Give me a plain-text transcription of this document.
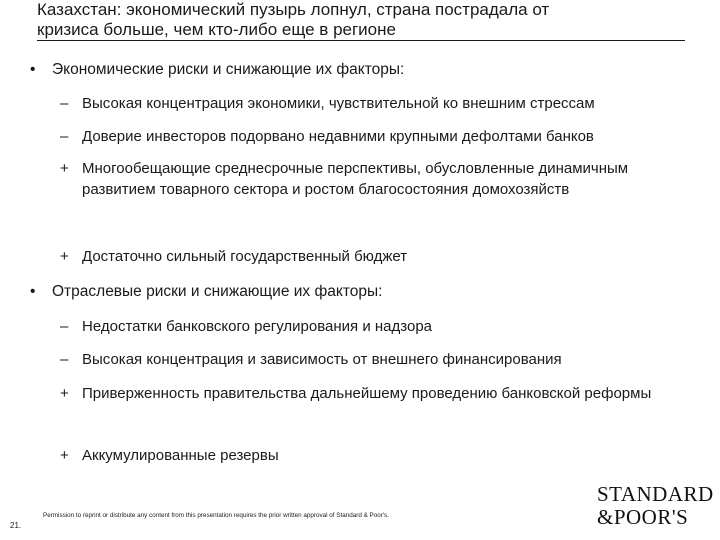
Казахстан: экономический пузырь лопнул, страна пострадала от
кризиса больше, чем кто-либо еще в регионе
•	Экономические риски и снижающие их факторы:
– Высокая концентрация экономики, чувствительной ко внешним стрессам
– Доверие инвесторов подорвано недавними крупными дефолтами банков
+ Многообещающие среднесрочные перспективы, обусловленные динамичным развитием товарного сектора и ростом благосостояния домохозяйств
+ Достаточно сильный государственный бюджет
•	Отраслевые риски и снижающие их факторы:
– Недостатки банковского регулирования и надзора
– Высокая концентрация и зависимость от внешнего финансирования
+ Приверженность правительства дальнейшему проведению банковской реформы
+ Аккумулированные резервы
21.
Permission to reprint or distribute any content from this presentation requires the prior written approval of Standard & Poor's.
STANDARD
&POOR'S
